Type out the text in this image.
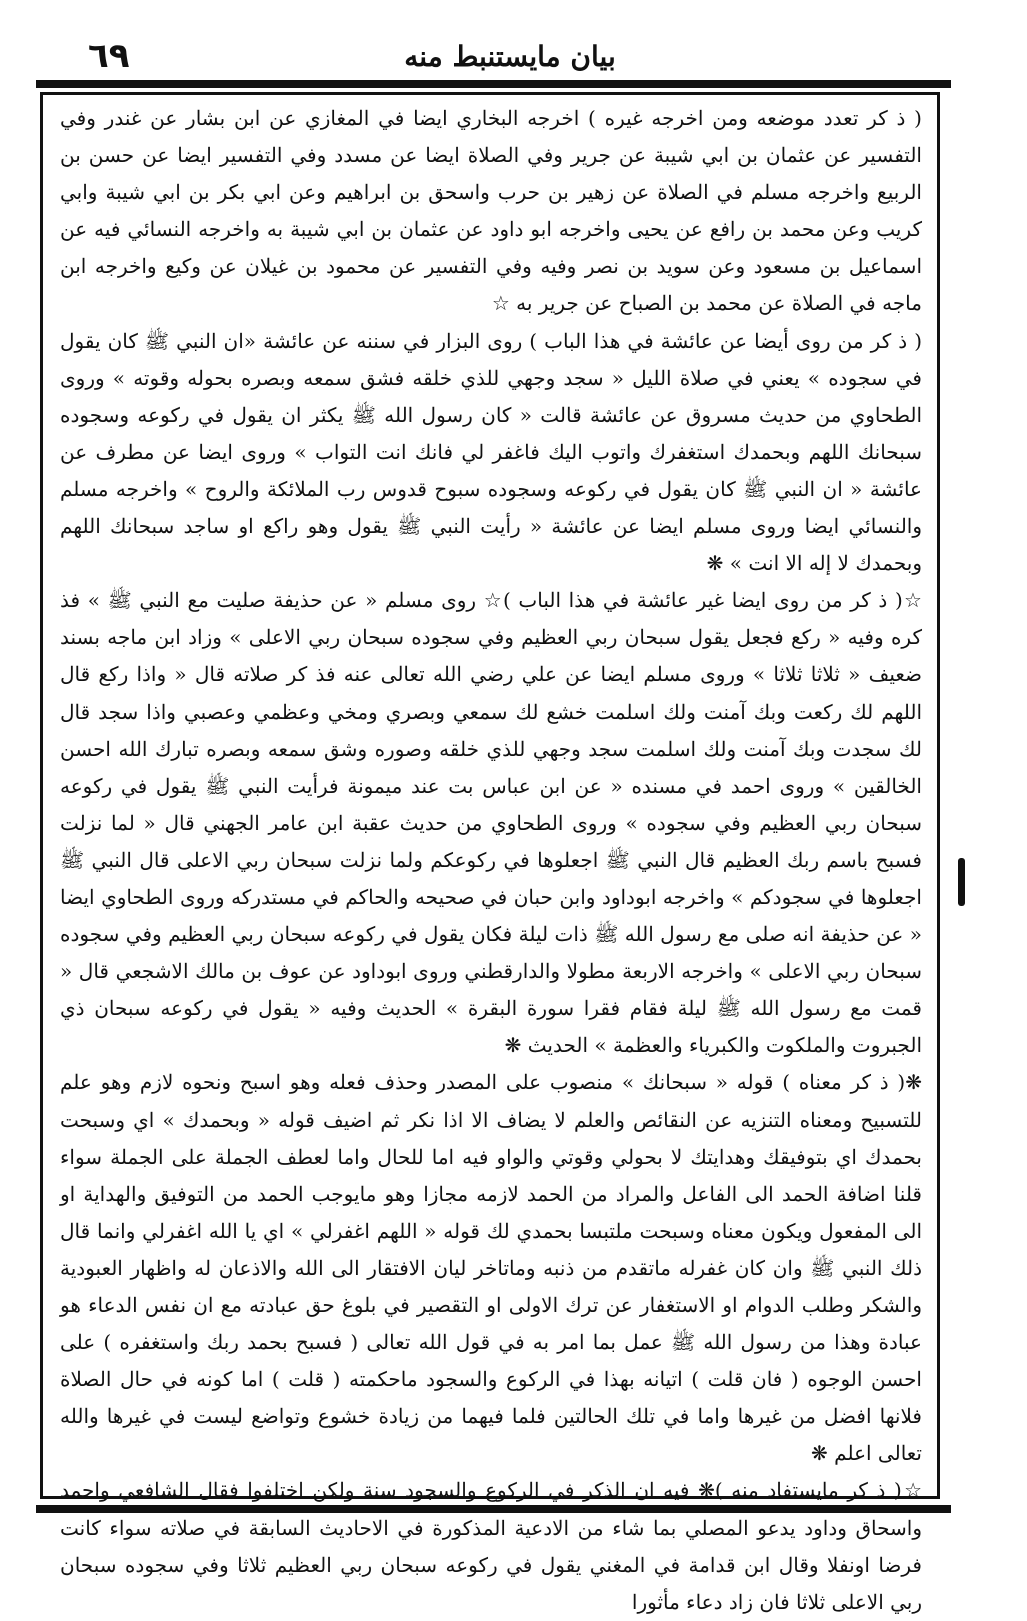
٦٩	بيان مايستنبط منه

( ذ كر تعدد موضعه ومن اخرجه غيره ) اخرجه البخاري ايضا في المغازي عن ابن بشار عن غندر وفي التفسير عن عثمان بن ابي شيبة عن جرير وفي الصلاة ايضا عن مسدد وفي التفسير ايضا عن حسن بن الربيع واخرجه مسلم في الصلاة عن زهير بن حرب واسحق بن ابراهيم وعن ابي بكر بن ابي شيبة وابي كريب وعن محمد بن رافع عن يحيى واخرجه ابو داود عن عثمان بن ابي شيبة به واخرجه النسائي فيه عن اسماعيل بن مسعود وعن سويد بن نصر وفيه وفي التفسير عن محمود بن غيلان عن وكيع واخرجه ابن ماجه في الصلاة عن محمد بن الصباح عن جرير به ☆

( ذ كر من روى أيضا عن عائشة في هذا الباب ) روى البزار في سننه عن عائشة «ان النبي ﷺ كان يقول في سجوده » يعني في صلاة الليل « سجد وجهي للذي خلقه فشق سمعه وبصره بحوله وقوته » وروى الطحاوي من حديث مسروق عن عائشة قالت « كان رسول الله ﷺ يكثر ان يقول في ركوعه وسجوده سبحانك اللهم وبحمدك استغفرك واتوب اليك فاغفر لي فانك انت التواب » وروى ايضا عن مطرف عن عائشة « ان النبي ﷺ كان يقول في ركوعه وسجوده سبوح قدوس رب الملائكة والروح » واخرجه مسلم والنسائي ايضا وروى مسلم ايضا عن عائشة « رأيت النبي ﷺ يقول وهو راكع او ساجد سبحانك اللهم وبحمدك لا إله الا انت » ❋

☆( ذ كر من روى ايضا غير عائشة في هذا الباب )☆ روى مسلم « عن حذيفة صليت مع النبي ﷺ » فذ كره وفيه « ركع فجعل يقول سبحان ربي العظيم وفي سجوده سبحان ربي الاعلى » وزاد ابن ماجه بسند ضعيف « ثلاثا ثلاثا » وروى مسلم ايضا عن علي رضي الله تعالى عنه فذ كر صلاته قال « واذا ركع قال اللهم لك ركعت وبك آمنت ولك اسلمت خشع لك سمعي وبصري ومخي وعظمي وعصبي واذا سجد قال لك سجدت وبك آمنت ولك اسلمت سجد وجهي للذي خلقه وصوره وشق سمعه وبصره تبارك الله احسن الخالقين » وروى احمد في مسنده « عن ابن عباس بت عند ميمونة فرأيت النبي ﷺ يقول في ركوعه سبحان ربي العظيم وفي سجوده » وروى الطحاوي من حديث عقبة ابن عامر الجهني قال « لما نزلت فسبح باسم ربك العظيم قال النبي ﷺ اجعلوها في ركوعكم ولما نزلت سبحان ربي الاعلى قال النبي ﷺ اجعلوها في سجودكم » واخرجه ابوداود وابن حبان في صحيحه والحاكم في مستدركه وروى الطحاوي ايضا « عن حذيفة انه صلى مع رسول الله ﷺ ذات ليلة فكان يقول في ركوعه سبحان ربي العظيم وفي سجوده سبحان ربي الاعلى » واخرجه الاربعة مطولا والدارقطني وروى ابوداود عن عوف بن مالك الاشجعي قال « قمت مع رسول الله ﷺ ليلة فقام فقرا سورة البقرة » الحديث وفيه « يقول في ركوعه سبحان ذي الجبروت والملكوت والكبرياء والعظمة » الحديث ❋

❋( ذ كر معناه ) قوله « سبحانك » منصوب على المصدر وحذف فعله وهو اسبح ونحوه لازم وهو علم للتسبيح ومعناه التنزيه عن النقائص والعلم لا يضاف الا اذا نكر ثم اضيف قوله « وبحمدك » اي وسبحت بحمدك اي بتوفيقك وهدايتك لا بحولي وقوتي والواو فيه اما للحال واما لعطف الجملة على الجملة سواء قلنا اضافة الحمد الى الفاعل والمراد من الحمد لازمه مجازا وهو مايوجب الحمد من التوفيق والهداية او الى المفعول ويكون معناه وسبحت ملتبسا بحمدي لك قوله « اللهم اغفرلي » اي يا الله اغفرلي وانما قال ذلك النبي ﷺ وان كان غفرله ماتقدم من ذنبه وماتاخر ليان الافتقار الى الله والاذعان له واظهار العبودية والشكر وطلب الدوام او الاستغفار عن ترك الاولى او التقصير في بلوغ حق عبادته مع ان نفس الدعاء هو عبادة وهذا من رسول الله ﷺ عمل بما امر به في قول الله تعالى ( فسبح بحمد ربك واستغفره ) على احسن الوجوه ( فان قلت ) اتيانه بهذا في الركوع والسجود ماحكمته ( قلت ) اما كونه في حال الصلاة فلانها افضل من غيرها واما في تلك الحالتين فلما فيهما من زيادة خشوع وتواضع ليست في غيرها والله تعالى اعلم ❋

☆( ذ كر مايستفاد منه )❋ فيه ان الذكر في الركوع والسجود سنة ولكن اختلفوا فقال الشافعي واحمد واسحاق وداود يدعو المصلي بما شاء من الادعية المذكورة في الاحاديث السابقة في صلاته سواء كانت فرضا اونفلا وقال ابن قدامة في المغني يقول في ركوعه سبحان ربي العظيم ثلاثا وفي سجوده سبحان ربي الاعلى ثلاثا فان زاد دعاء مأثورا
